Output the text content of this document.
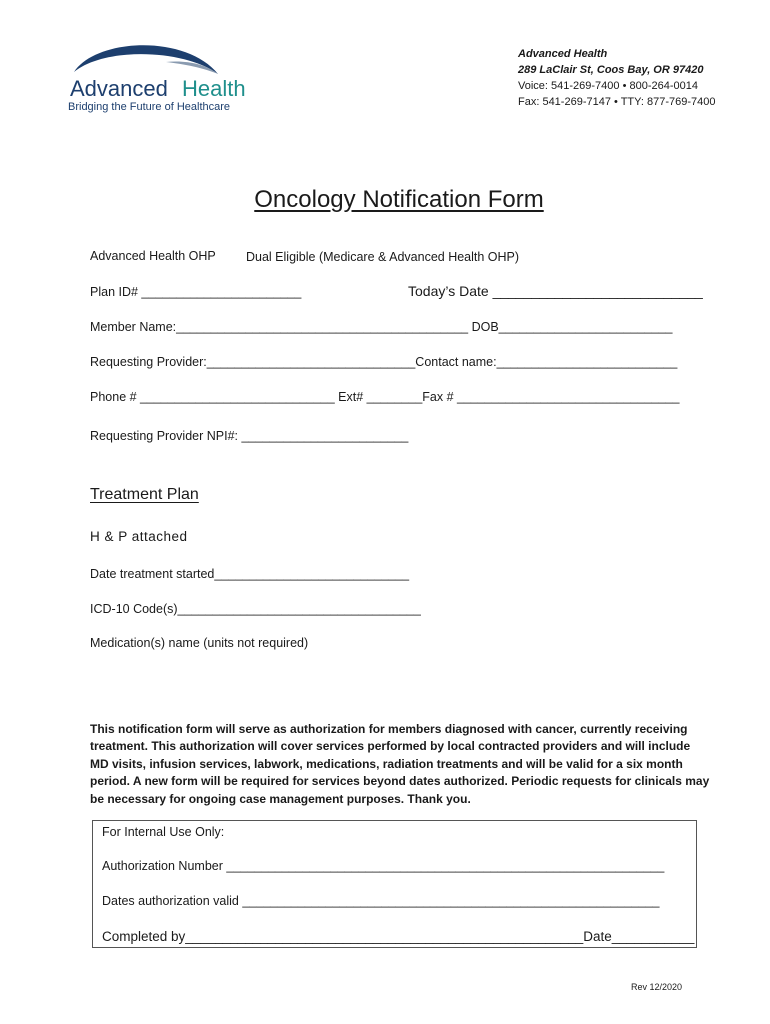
Advanced Health
Bridging the Future of Healthcare
Advanced Health
289 LaClair St, Coos Bay, OR 97420
Voice: 541-269-7400 • 800-264-0014
Fax: 541-269-7147 • TTY: 877-769-7400
Oncology Notification Form
Advanced Health OHP Dual Eligible (Medicare & Advanced Health OHP)
Plan ID# _______________________	Today’s Date ___________________________
Member Name:__________________________________________ DOB_________________________
Requesting Provider:______________________________Contact name:__________________________
Phone # ____________________________ Ext# ________Fax # ________________________________
Requesting Provider NPI#: ________________________
Treatment Plan
H & P attached
Date treatment started____________________________
ICD-10 Code(s)___________________________________
Medication(s) name (units not required)
This notification form will serve as authorization for members diagnosed with cancer, currently receiving treatment. This authorization will cover services performed by local contracted providers and will include MD visits, infusion services, labwork, medications, radiation treatments and will be valid for a six month period. A new form will be required for services beyond dates authorized. Periodic requests for clinicals may be necessary for ongoing case management purposes. Thank you.
For Internal Use Only:
Authorization Number _______________________________________________________________
Dates authorization valid ____________________________________________________________
Completed by_____________________________________________________Date___________
Rev 12/2020
